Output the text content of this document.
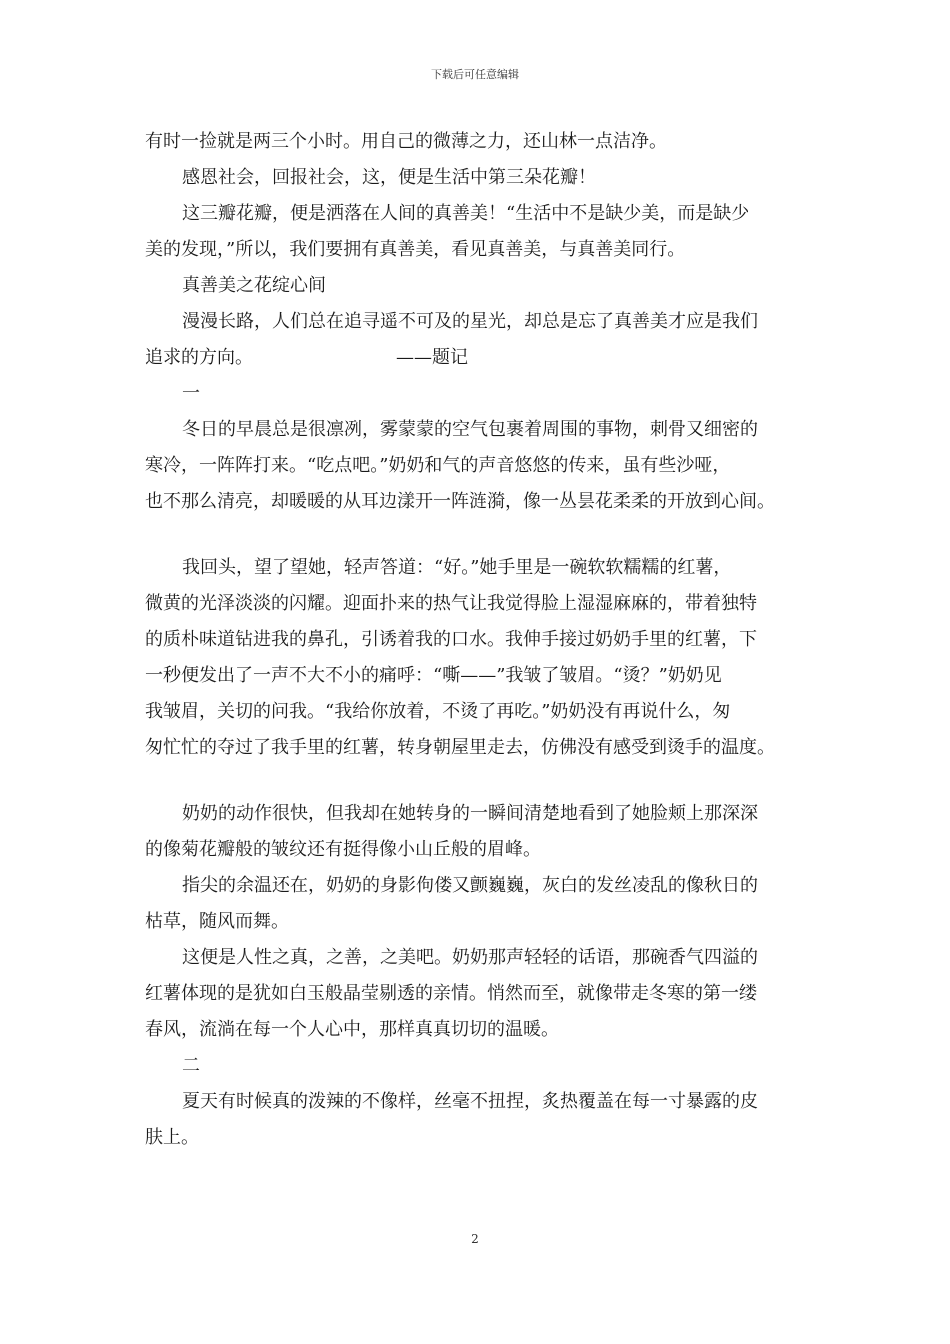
下载后可任意编辑
有时一捡就是两三个小时。用自己的微薄之力，还山林一点洁净。
感恩社会，回报社会，这，便是生活中第三朵花瓣！
这三瓣花瓣，便是洒落在人间的真善美！“生活中不是缺少美，而是缺少
美的发现，”所以，我们要拥有真善美，看见真善美，与真善美同行。
真善美之花绽心间
漫漫长路，人们总在追寻遥不可及的星光，却总是忘了真善美才应是我们
追求的方向。	——题记
一
冬日的早晨总是很凛冽，雾蒙蒙的空气包裹着周围的事物，刺骨又细密的
寒冷，一阵阵打来。“吃点吧。”奶奶和气的声音悠悠的传来，虽有些沙哑，
也不那么清亮，却暖暖的从耳边漾开一阵涟漪，像一丛昙花柔柔的开放到心间。
我回头，望了望她，轻声答道：“好。”她手里是一碗软软糯糯的红薯，
微黄的光泽淡淡的闪耀。迎面扑来的热气让我觉得脸上湿湿麻麻的，带着独特
的质朴味道钻进我的鼻孔，引诱着我的口水。我伸手接过奶奶手里的红薯，下
一秒便发出了一声不大不小的痛呼：“嘶——”我皱了皱眉。“烫？”奶奶见
我皱眉，关切的问我。“我给你放着，不烫了再吃。”奶奶没有再说什么，匆
匆忙忙的夺过了我手里的红薯，转身朝屋里走去，仿佛没有感受到烫手的温度。
奶奶的动作很快，但我却在她转身的一瞬间清楚地看到了她脸颊上那深深
的像菊花瓣般的皱纹还有挺得像小山丘般的眉峰。
指尖的余温还在，奶奶的身影佝偻又颤巍巍，灰白的发丝凌乱的像秋日的
枯草，随风而舞。
这便是人性之真，之善，之美吧。奶奶那声轻轻的话语，那碗香气四溢的
红薯体现的是犹如白玉般晶莹剔透的亲情。悄然而至，就像带走冬寒的第一缕
春风，流淌在每一个人心中，那样真真切切的温暖。
二
夏天有时候真的泼辣的不像样，丝毫不扭捏，炙热覆盖在每一寸暴露的皮
肤上。
2
